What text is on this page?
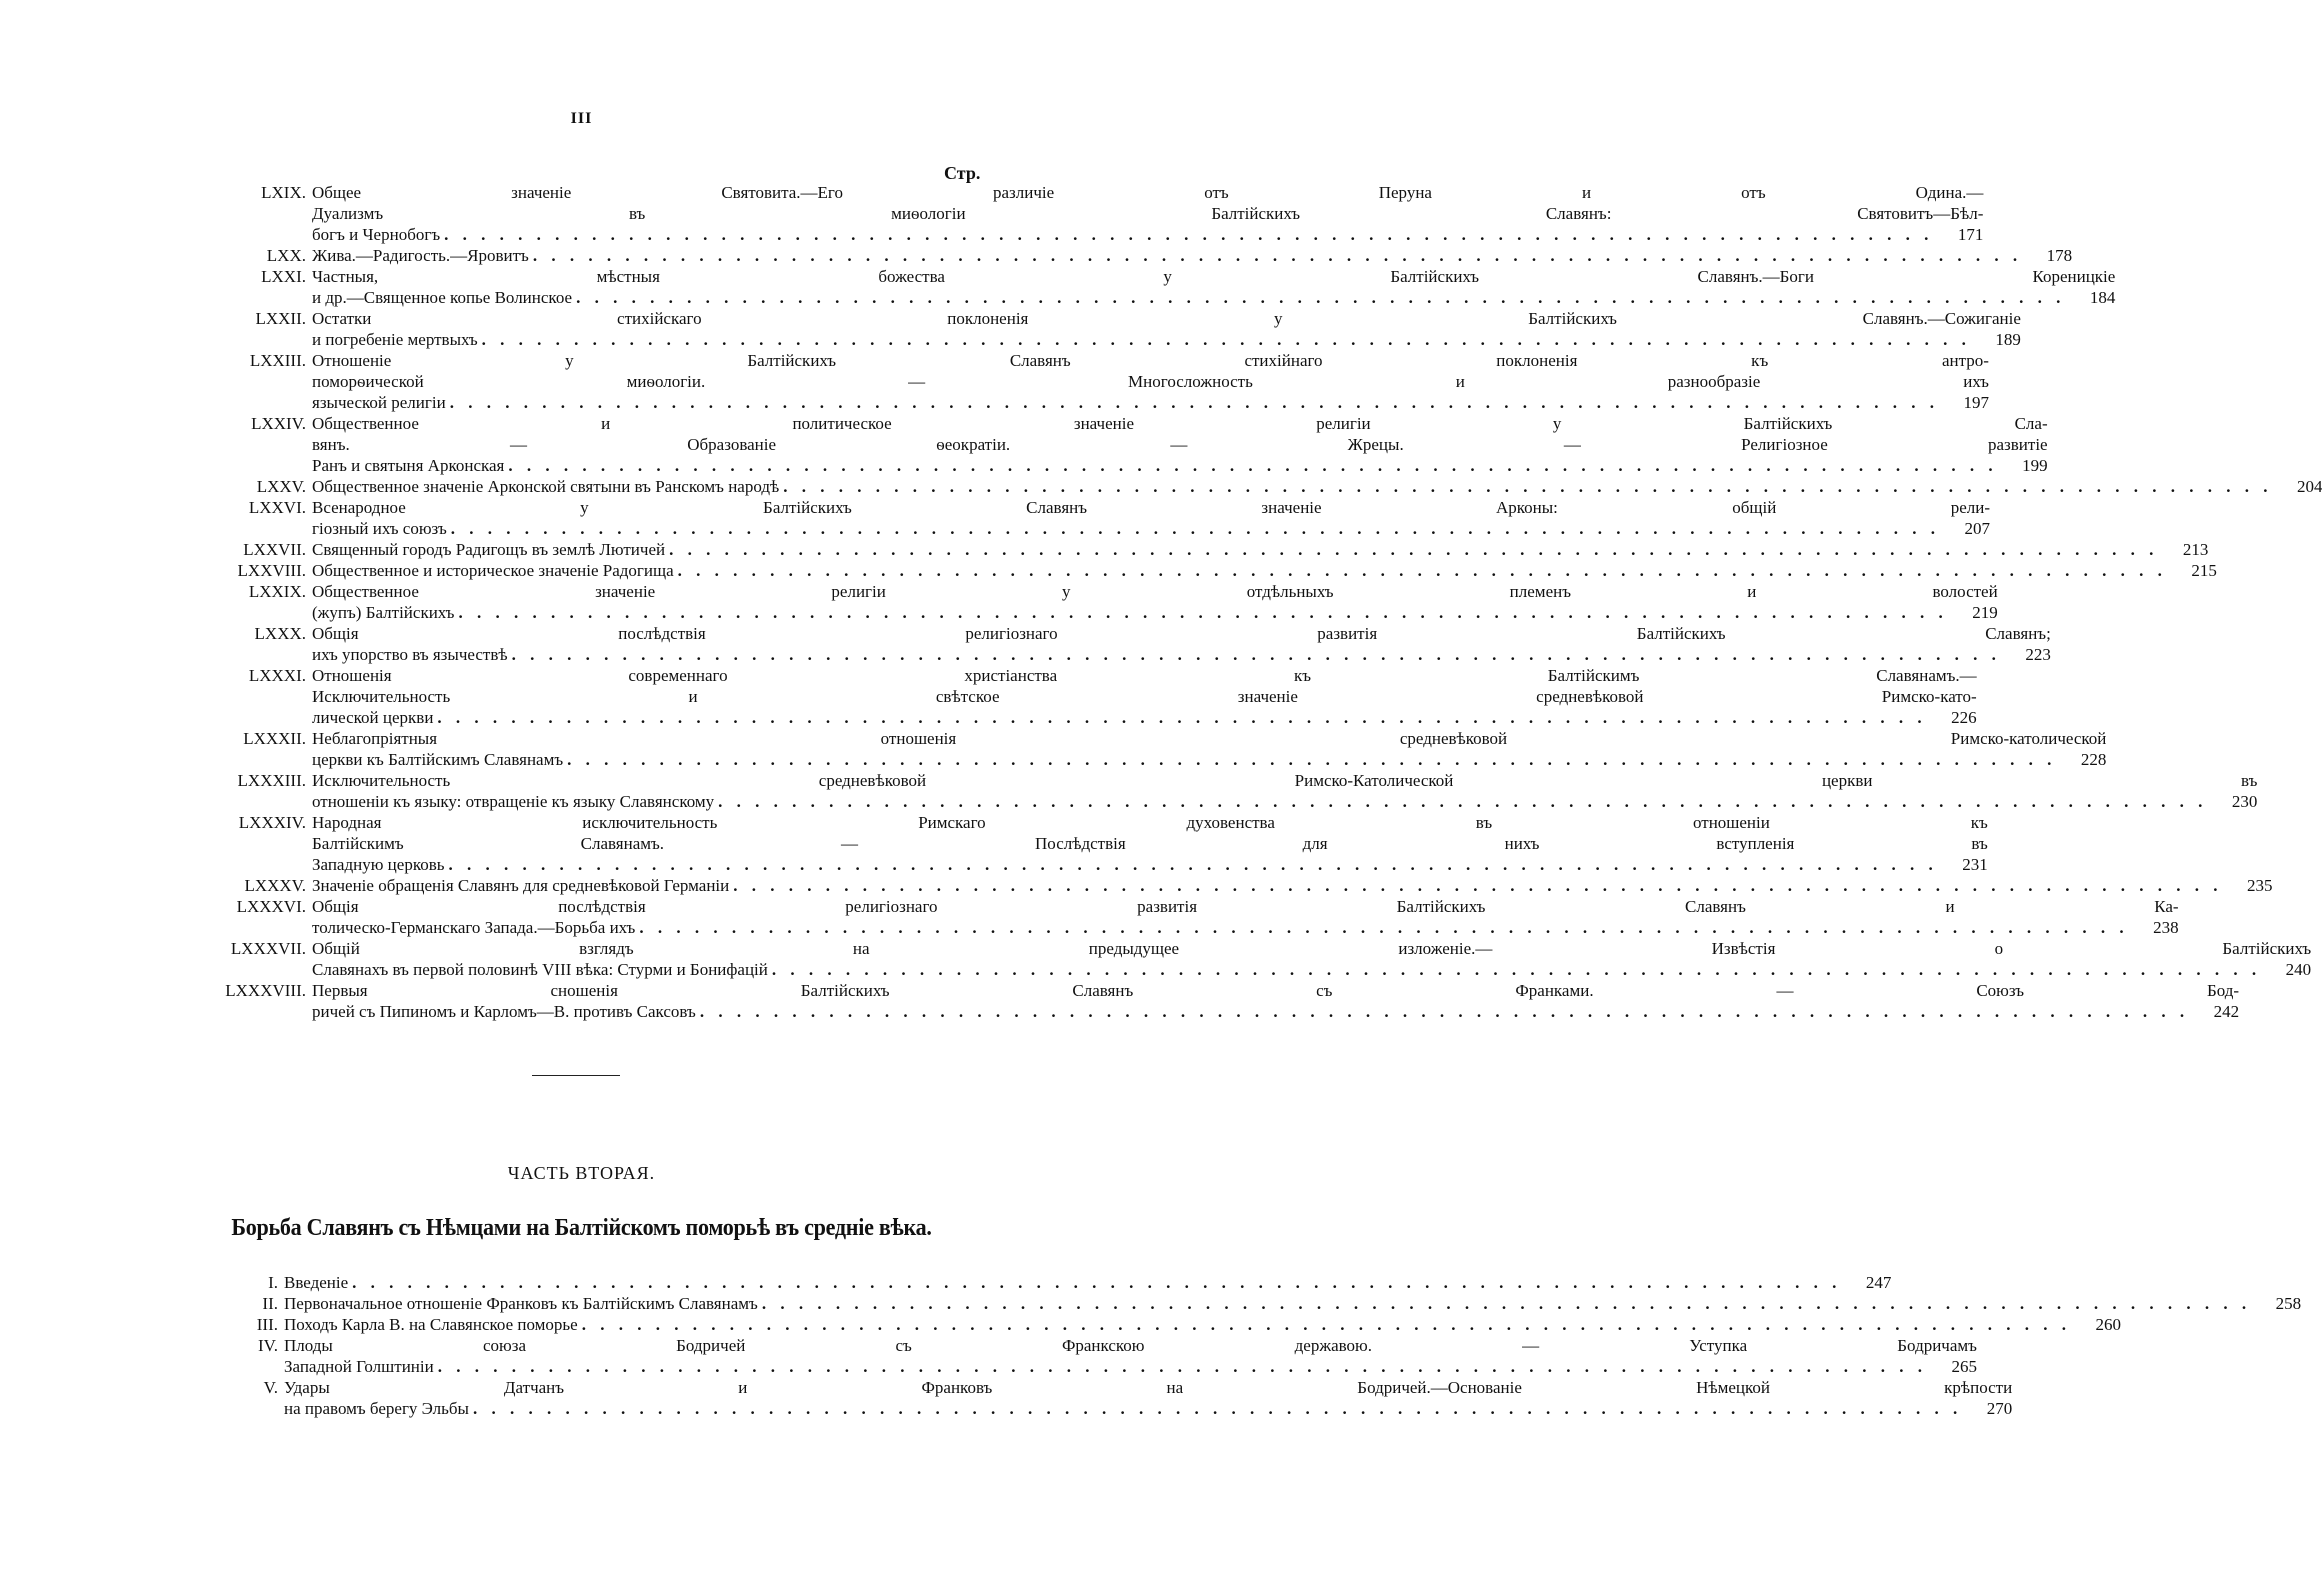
III
Стр.
LXIX. Общее значенiе Святовита.—Его различiе отъ Перуна и отъ Одина.—
Дуализмъ въ миѳологiи Балтiйскихъ Славянъ: Святовитъ—Бѣл-
богъ и Чернобогъ . . .	171
LXX. Жива.—Радигость.—Яровитъ . . .	178
LXXI. Частныя, мѣстныя божества у Балтiйскихъ Славянъ.—Боги Кореницкiе
и др.—Священное копье Волинское . . .	184
LXXII. Остатки стихiйскаго поклоненiя у Балтiйскихъ Славянъ.—Сожиганiе
и погребенiе мертвыхъ . . .	189
LXXIII. Отношенiе у Балтiйскихъ Славянъ стихiйнаго поклоненiя къ антро-
поморѳической миѳологiи. — Многосложность и разнообразiе ихъ
языческой религiи . . .	197
LXXIV. Общественное и политическое значенiе религiи у Балтiйскихъ Сла-
вянъ. — Образованiе ѳеократiи. — Жрецы. — Религiозное развитiе
Ранъ и святыня Арконская . . .	199
LXXV. Общественное значенiе Арконской святыни въ Ранскомъ народѣ . . .	204
LXXVI. Всенародное у Балтiйскихъ Славянъ значенiе Арконы: общiй рели-
гiозный ихъ союзъ . . .	207
LXXVII. Священный городъ Радигощъ въ землѣ Лютичей . . .	213
LXXVIII. Общественное и историческое значенiе Радогища . . .	215
LXXIX. Общественное значенiе религiи у отдѣльныхъ племенъ и волостей
(жупъ) Балтiйскихъ . . .	219
LXXX. Общiя послѣдствiя религiознаго развитiя Балтiйскихъ Славянъ;
ихъ упорство въ язычествѣ . . .	223
LXXXI. Отношенiя современнаго христiанства къ Балтiйскимъ Славянамъ.—
Исключительность и свѣтское значенiе средневѣковой Римско-като-
лической церкви . . .	226
LXXXII. Неблагопрiятныя отношенiя средневѣковой Римско-католической
церкви къ Балтiйскимъ Славянамъ . . .	228
LXXXIII. Исключительность средневѣковой Римско-Католической церкви въ
отношенiи къ языку: отвращенiе къ языку Славянскому . . .	230
LXXXIV. Народная исключительность Римскаго духовенства въ отношенiи къ
Балтiйскимъ Славянамъ. — Послѣдствiя для нихъ вступленiя въ
Западную церковь . . .	231
LXXXV. Значенiе обращенiя Славянъ для средневѣковой Германiи . . .	235
LXXXVI. Общiя послѣдствiя религiознаго развитiя Балтiйскихъ Славянъ и Ка-
толическо-Германскаго Запада.—Борьба ихъ . . .	238
LXXXVII. Общiй взглядъ на предыдущее изложенiе.— Извѣстiя о Балтiйскихъ
Славянахъ въ первой половинѣ VIII вѣка: Стурми и Бонифацiй . . .	240
LXXXVIII. Первыя сношенiя Балтiйскихъ Славянъ съ Франками. — Союзъ Бод-
ричей съ Пипиномъ и Карломъ—В. противъ Саксовъ . . .	242
ЧАСТЬ ВТОРАЯ.
Борьба Славянъ съ Нѣмцами на Балтiйскомъ поморьѣ въ среднiе вѣка.
I. Введенiе . . .	247
II. Первоначальное отношенiе Франковъ къ Балтiйскимъ Славянамъ . . .	258
III. Походъ Карла В. на Славянское поморье . . .	260
IV. Плоды союза Бодричей съ Франкскою державою. — Уступка Бодричамъ
Западной Голштинiи . . .	265
V. Удары Датчанъ и Франковъ на Бодричей.—Основанiе Нѣмецкой крѣпости
на правомъ берегу Эльбы . . .	270
